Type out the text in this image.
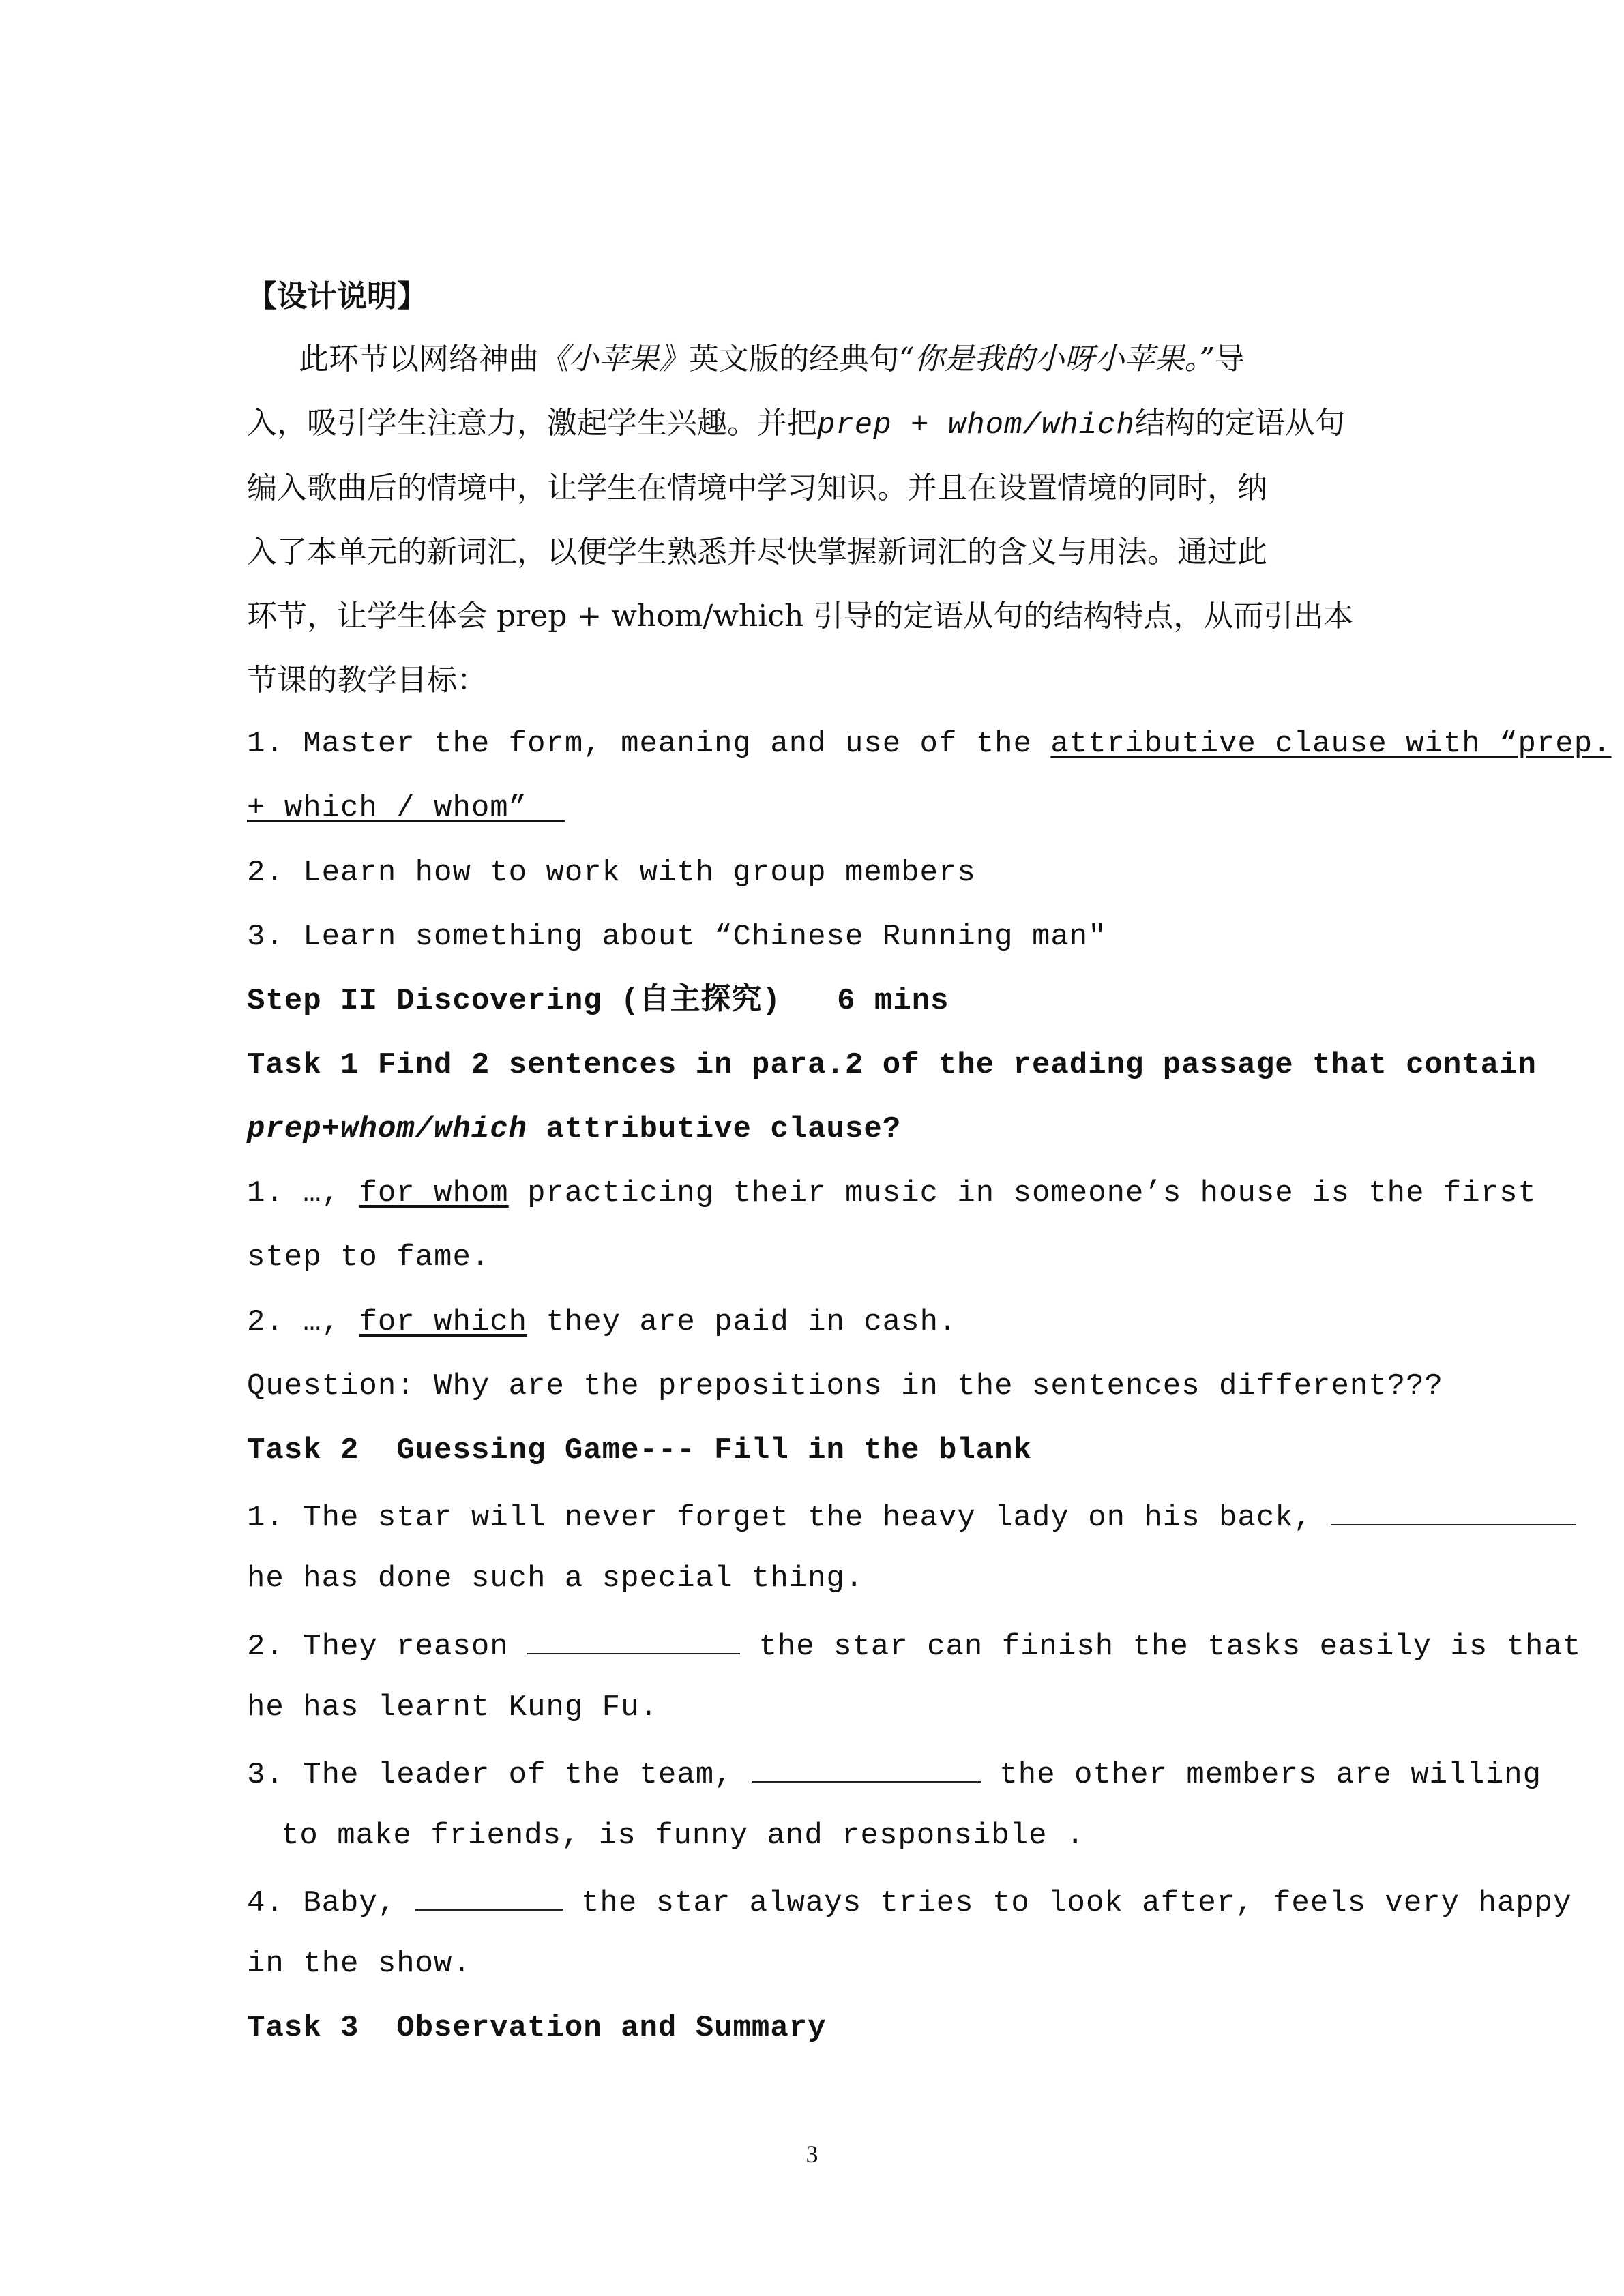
【设计说明】
此环节以网络神曲《小苹果》英文版的经典句“你是我的小呀小苹果。”导
入，吸引学生注意力，激起学生兴趣。并把prep + whom/which结构的定语从句
编入歌曲后的情境中，让学生在情境中学习知识。并且在设置情境的同时，纳
入了本单元的新词汇，以便学生熟悉并尽快掌握新词汇的含义与用法。通过此
环节，让学生体会 prep + whom/which 引导的定语从句的结构特点，从而引出本
节课的教学目标：
1. Master the form, meaning and use of the attributive clause with “prep.
+ which / whom”
2. Learn how to work with group members
3. Learn something about “Chinese Running man″
Step II Discovering (自主探究)   6 mins
Task 1 Find 2 sentences in para.2 of the reading passage that contain
prep+whom/which attributive clause?
1. …, for whom practicing their music in someone’s house is the first
step to fame.
2. …, for which they are paid in cash.
Question: Why are the prepositions in the sentences different???
Task 2  Guessing Game--- Fill in the blank
1. The star will never forget the heavy lady on his back,
he has done such a special thing.
2. They reason	the star can finish the tasks easily is that
he has learnt Kung Fu.
3. The leader of the team,	the other members are willing
to make friends, is funny and responsible .
4. Baby,	the star always tries to look after, feels very happy
in the show.
Task 3  Observation and Summary
3
